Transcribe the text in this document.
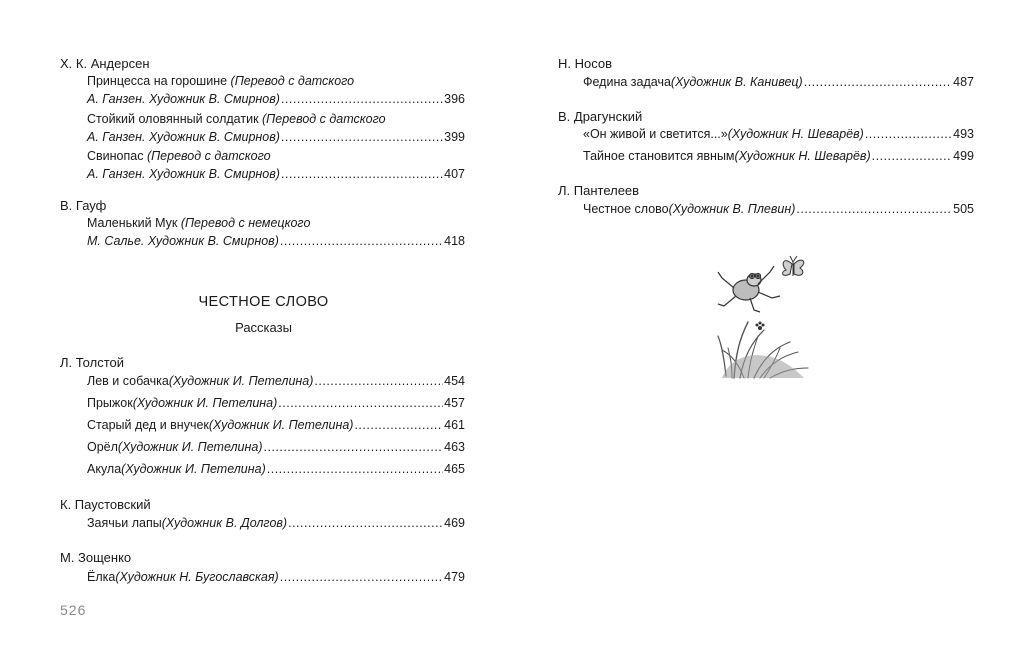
Х. К. Андерсен
Принцесса на горошине (Перевод с датского
А. Ганзен. Художник В. Смирнов) .....	396
Стойкий оловянный солдатик (Перевод с датского
А. Ганзен. Художник В. Смирнов) .....	399
Свинопас (Перевод с датского
А. Ганзен. Художник В. Смирнов) .....	407
В. Гауф
Маленький Мук (Перевод с немецкого
М. Салье. Художник В. Смирнов) .....	418
ЧЕСТНОЕ СЛОВО
Рассказы
Л. Толстой
Лев и собачка (Художник И. Петелина) .....	454
Прыжок (Художник И. Петелина) .....	457
Старый дед и внучек (Художник И. Петелина) .....	461
Орёл (Художник И. Петелина) .....	463
Акула (Художник И. Петелина) .....	465
К. Паустовский
Заячьи лапы (Художник В. Долгов) .....	469
М. Зощенко
Ёлка (Художник Н. Бугославская) .....	479
Н. Носов
Федина задача (Художник В. Канивец) .....	487
В. Драгунский
«Он живой и светится...» (Художник Н. Шеварёв) .....	493
Тайное становится явным (Художник Н. Шеварёв) .....	499
Л. Пантелеев
Честное слово (Художник В. Плевин) .....	505
526
